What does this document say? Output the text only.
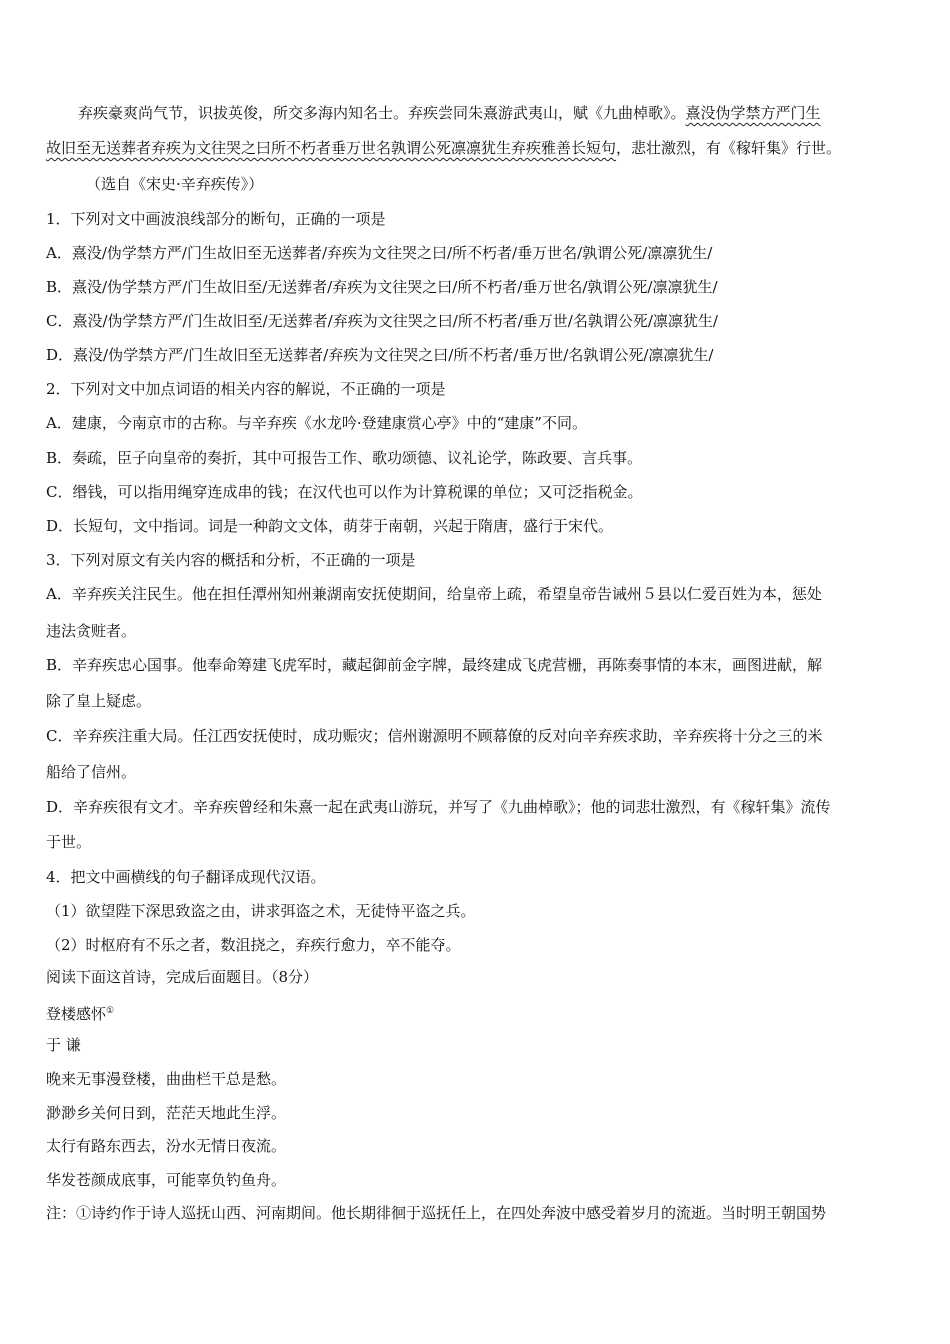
弃疾豪爽尚气节，识拔英俊，所交多海内知名士。弃疾尝同朱熹游武夷山，赋《九曲棹歌》。熹没伪学禁方严门生
故旧至无送葬者弃疾为文往哭之曰所不朽者垂万世名孰谓公死凛凛犹生弃疾雅善长短句，悲壮激烈，有《稼轩集》行世。
（选自《宋史·辛弃疾传》）
1．下列对文中画波浪线部分的断句，正确的一项是
A．熹没/伪学禁方严/门生故旧至无送葬者/弃疾为文往哭之曰/所不朽者/垂万世名/孰谓公死/凛凛犹生/
B．熹没/伪学禁方严/门生故旧至/无送葬者/弃疾为文往哭之曰/所不朽者/垂万世名/孰谓公死/凛凛犹生/
C．熹没/伪学禁方严/门生故旧至/无送葬者/弃疾为文往哭之曰/所不朽者/垂万世/名孰谓公死/凛凛犹生/
D．熹没/伪学禁方严/门生故旧至无送葬者/弃疾为文往哭之曰/所不朽者/垂万世/名孰谓公死/凛凛犹生/
2．下列对文中加点词语的相关内容的解说，不正确的一项是
A．建康，今南京市的古称。与辛弃疾《水龙吟·登建康赏心亭》中的“建康”不同。
B．奏疏，臣子向皇帝的奏折，其中可报告工作、歌功颂德、议礼论学，陈政要、言兵事。
C．缗钱，可以指用绳穿连成串的钱；在汉代也可以作为计算税课的单位；又可泛指税金。
D．长短句，文中指词。词是一种韵文文体，萌芽于南朝，兴起于隋唐，盛行于宋代。
3．下列对原文有关内容的概括和分析，不正确的一项是
A．辛弃疾关注民生。他在担任潭州知州兼湖南安抚使期间，给皇帝上疏，希望皇帝告诫州５县以仁爱百姓为本，惩处
违法贪赃者。
B．辛弃疾忠心国事。他奉命筹建飞虎军时，藏起御前金字牌，最终建成飞虎营栅，再陈奏事情的本末，画图进献，解
除了皇上疑虑。
C．辛弃疾注重大局。任江西安抚使时，成功赈灾；信州谢源明不顾幕僚的反对向辛弃疾求助，辛弃疾将十分之三的米
船给了信州。
D．辛弃疾很有文才。辛弃疾曾经和朱熹一起在武夷山游玩，并写了《九曲棹歌》；他的词悲壮激烈，有《稼轩集》流传
于世。
4．把文中画横线的句子翻译成现代汉语。
（1）欲望陛下深思致盗之由，讲求弭盗之术，无徒恃平盗之兵。
（2）时枢府有不乐之者，数沮挠之，弃疾行愈力，卒不能夺。
阅读下面这首诗，完成后面题目。（8分）
登楼感怀①
于 谦
晚来无事漫登楼，曲曲栏干总是愁。
渺渺乡关何日到，茫茫天地此生浮。
太行有路东西去，汾水无情日夜流。
华发苍颜成底事，可能辜负钓鱼舟。
注：①诗约作于诗人巡抚山西、河南期间。他长期徘徊于巡抚任上，在四处奔波中感受着岁月的流逝。当时明王朝国势
